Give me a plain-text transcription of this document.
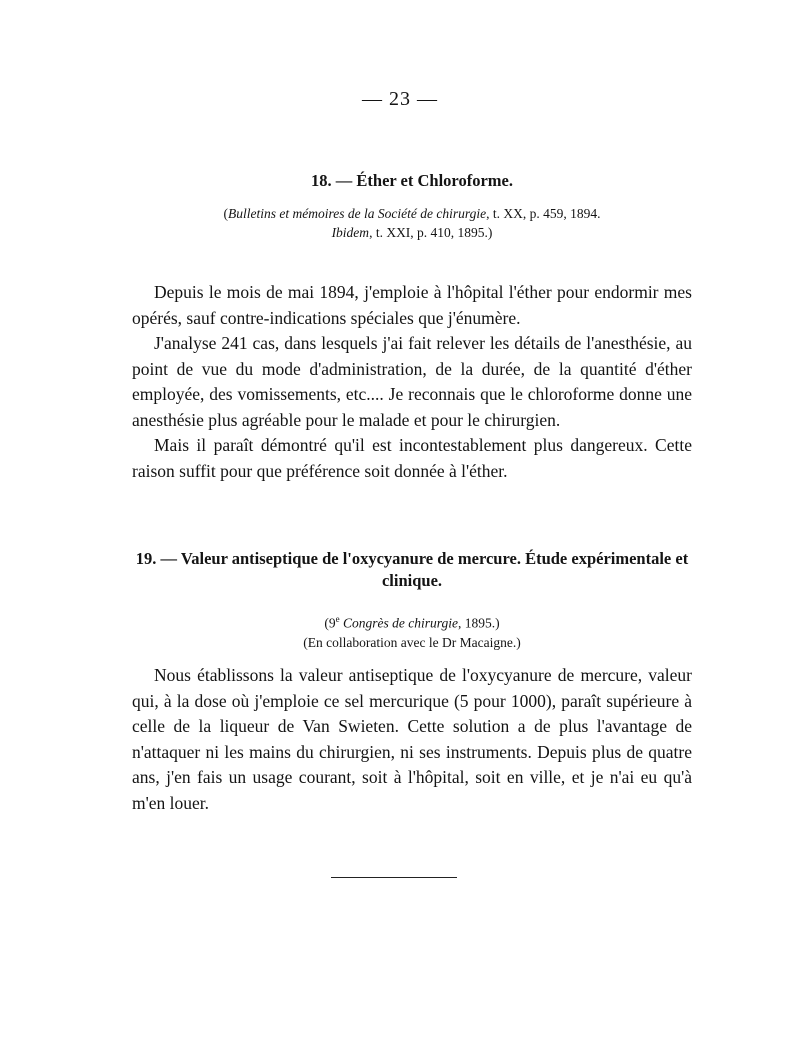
— 23 —
18. — Éther et Chloroforme.
(Bulletins et mémoires de la Société de chirurgie, t. XX, p. 459, 1894.
Ibidem, t. XXI, p. 410, 1895.)

Depuis le mois de mai 1894, j'emploie à l'hôpital l'éther pour endormir mes opérés, sauf contre-indications spéciales que j'énumère.

J'analyse 241 cas, dans lesquels j'ai fait relever les détails de l'anesthésie, au point de vue du mode d'administration, de la durée, de la quantité d'éther employée, des vomissements, etc.... Je reconnais que le chloroforme donne une anesthésie plus agréable pour le malade et pour le chirurgien.

Mais il paraît démontré qu'il est incontestablement plus dangereux. Cette raison suffit pour que préférence soit donnée à l'éther.

19. — Valeur antiseptique de l'oxycyanure de mercure. Étude expérimentale et clinique.
(9e Congrès de chirurgie, 1895.)
(En collaboration avec le Dr Macaigne.)

Nous établissons la valeur antiseptique de l'oxycyanure de mercure, valeur qui, à la dose où j'emploie ce sel mercurique (5 pour 1000), paraît supérieure à celle de la liqueur de Van Swieten. Cette solution a de plus l'avantage de n'attaquer ni les mains du chirurgien, ni ses instruments. Depuis plus de quatre ans, j'en fais un usage courant, soit à l'hôpital, soit en ville, et je n'ai eu qu'à m'en louer.
